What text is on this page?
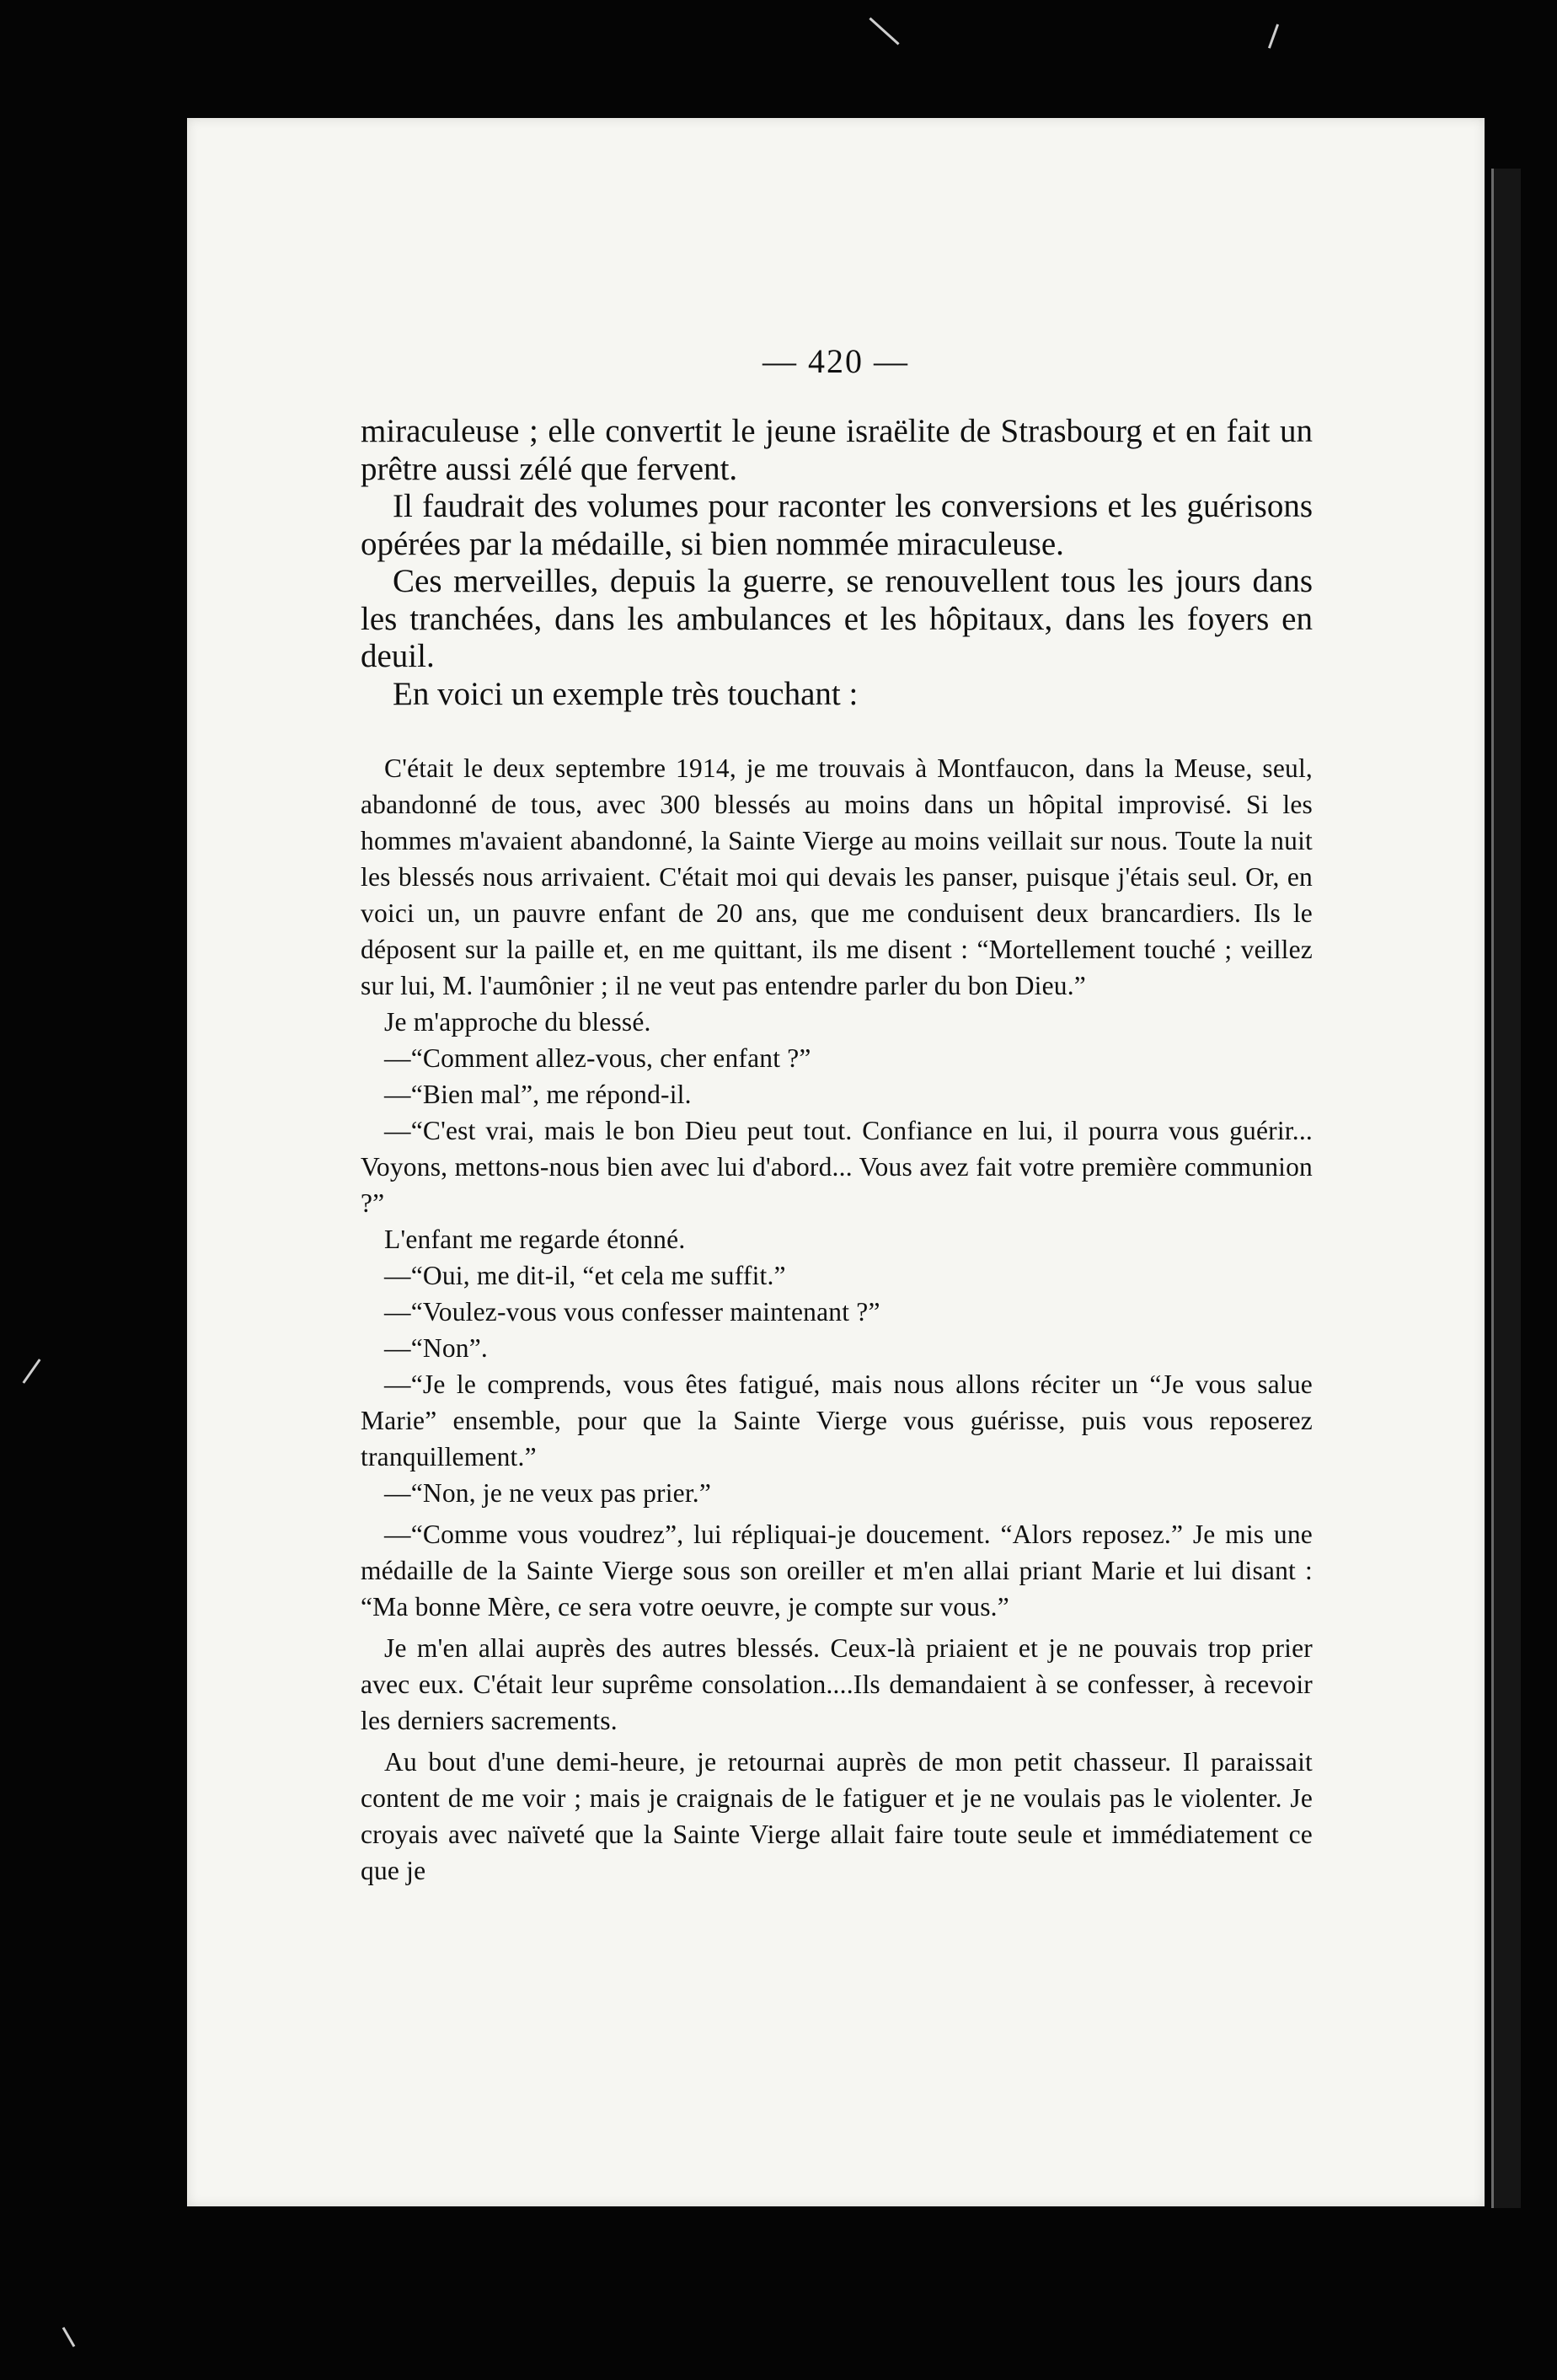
— 420 —

miraculeuse ; elle convertit le jeune israëlite de Strasbourg et en fait un prêtre aussi zélé que fervent.

Il faudrait des volumes pour raconter les conversions et les guérisons opérées par la médaille, si bien nommée miraculeuse.

Ces merveilles, depuis la guerre, se renouvellent tous les jours dans les tranchées, dans les ambulances et les hôpitaux, dans les foyers en deuil.

En voici un exemple très touchant :

C'était le deux septembre 1914, je me trouvais à Montfaucon, dans la Meuse, seul, abandonné de tous, avec 300 blessés au moins dans un hôpital improvisé. Si les hommes m'avaient abandonné, la Sainte Vierge au moins veillait sur nous. Toute la nuit les blessés nous arrivaient. C'était moi qui devais les panser, puisque j'étais seul. Or, en voici un, un pauvre enfant de 20 ans, que me conduisent deux brancardiers. Ils le déposent sur la paille et, en me quittant, ils me disent : “Mortellement touché ; veillez sur lui, M. l'aumônier ; il ne veut pas entendre parler du bon Dieu.”

Je m'approche du blessé.

—“Comment allez-vous, cher enfant ?”

—“Bien mal”, me répond-il.

—“C'est vrai, mais le bon Dieu peut tout. Confiance en lui, il pourra vous guérir... Voyons, mettons-nous bien avec lui d'abord... Vous avez fait votre première communion ?”

L'enfant me regarde étonné.

—“Oui, me dit-il, “et cela me suffit.”

—“Voulez-vous vous confesser maintenant ?”

—“Non”.

—“Je le comprends, vous êtes fatigué, mais nous allons réciter un “Je vous salue Marie” ensemble, pour que la Sainte Vierge vous guérisse, puis vous reposerez tranquillement.”

—“Non, je ne veux pas prier.”

—“Comme vous voudrez”, lui répliquai-je doucement. “Alors reposez.” Je mis une médaille de la Sainte Vierge sous son oreiller et m'en allai priant Marie et lui disant : “Ma bonne Mère, ce sera votre oeuvre, je compte sur vous.”

Je m'en allai auprès des autres blessés. Ceux-là priaient et je ne pouvais trop prier avec eux. C'était leur suprême consolation....Ils demandaient à se confesser, à recevoir les derniers sacrements.

Au bout d'une demi-heure, je retournai auprès de mon petit chasseur. Il paraissait content de me voir ; mais je craignais de le fatiguer et je ne voulais pas le violenter. Je croyais avec naïveté que la Sainte Vierge allait faire toute seule et immédiatement ce que je
